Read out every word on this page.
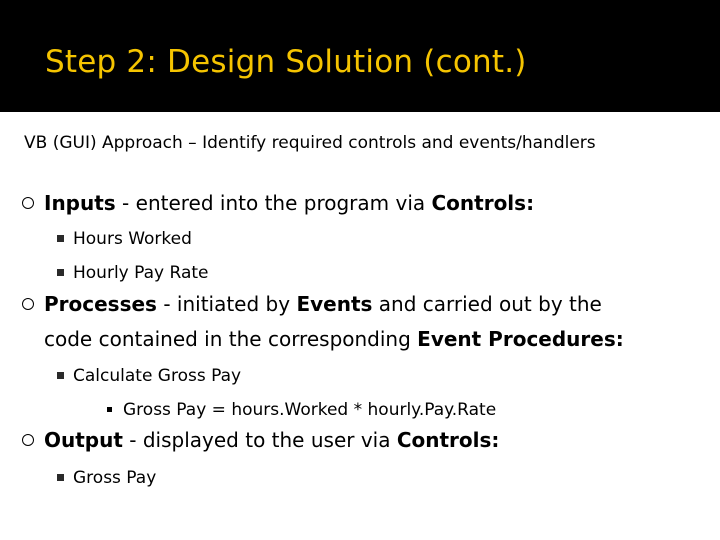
Step 2: Design Solution (cont.)
VB (GUI) Approach – Identify required controls and events/handlers
Inputs - entered into the program via Controls:
Hours Worked
Hourly Pay Rate
Processes - initiated by Events and carried out by the
code contained in the corresponding Event Procedures:
Calculate Gross Pay
Gross Pay = hours.Worked * hourly.Pay.Rate
Output - displayed to the user via Controls:
Gross Pay
